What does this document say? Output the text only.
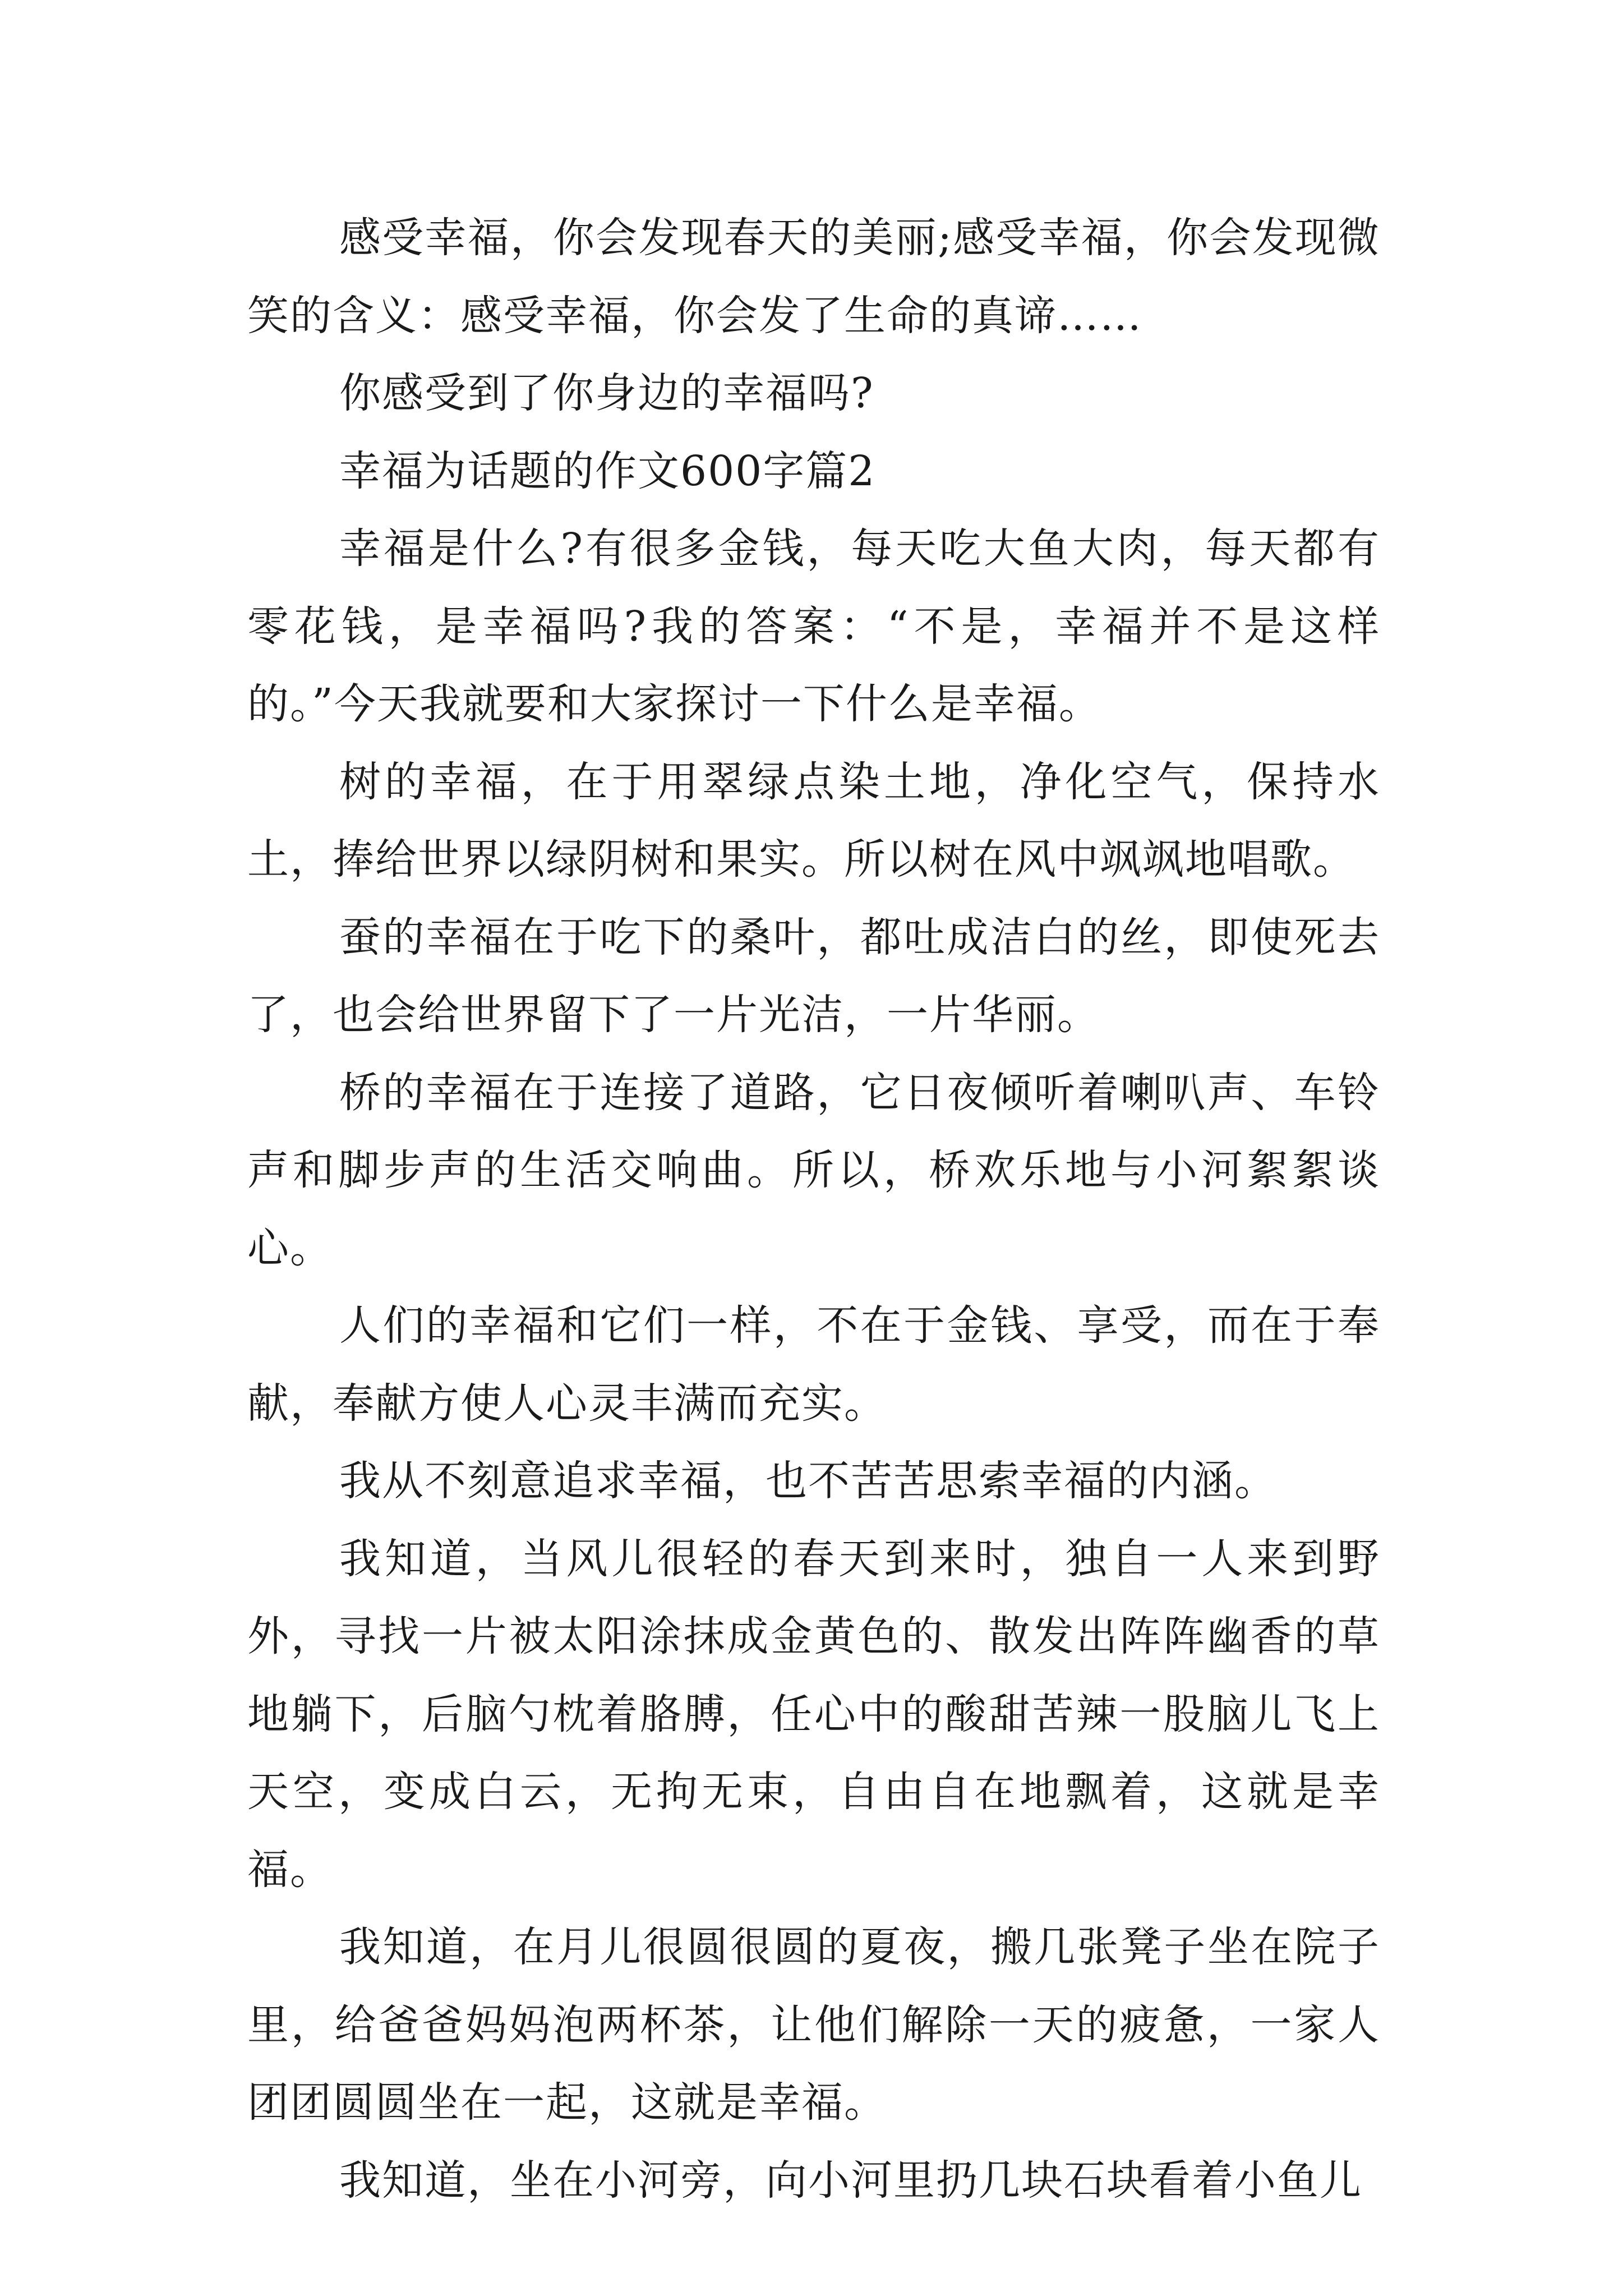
感受幸福，你会发现春天的美丽;感受幸福，你会发现微笑的含义：感受幸福，你会发了生命的真谛……

你感受到了你身边的幸福吗?

幸福为话题的作文600字篇2

幸福是什么?有很多金钱，每天吃大鱼大肉，每天都有零花钱，是幸福吗?我的答案：“不是，幸福并不是这样的。”今天我就要和大家探讨一下什么是幸福。

树的幸福，在于用翠绿点染土地，净化空气，保持水土，捧给世界以绿阴树和果实。所以树在风中飒飒地唱歌。

蚕的幸福在于吃下的桑叶，都吐成洁白的丝，即使死去了，也会给世界留下了一片光洁，一片华丽。

桥的幸福在于连接了道路，它日夜倾听着喇叭声、车铃声和脚步声的生活交响曲。所以，桥欢乐地与小河絮絮谈心。

人们的幸福和它们一样，不在于金钱、享受，而在于奉献，奉献方使人心灵丰满而充实。

我从不刻意追求幸福，也不苦苦思索幸福的内涵。

我知道，当风儿很轻的春天到来时，独自一人来到野外，寻找一片被太阳涂抹成金黄色的、散发出阵阵幽香的草地躺下，后脑勺枕着胳膊，任心中的酸甜苦辣一股脑儿飞上天空，变成白云，无拘无束，自由自在地飘着，这就是幸福。

我知道，在月儿很圆很圆的夏夜，搬几张凳子坐在院子里，给爸爸妈妈泡两杯茶，让他们解除一天的疲惫，一家人团团圆圆坐在一起，这就是幸福。

我知道，坐在小河旁，向小河里扔几块石块看着小鱼儿
